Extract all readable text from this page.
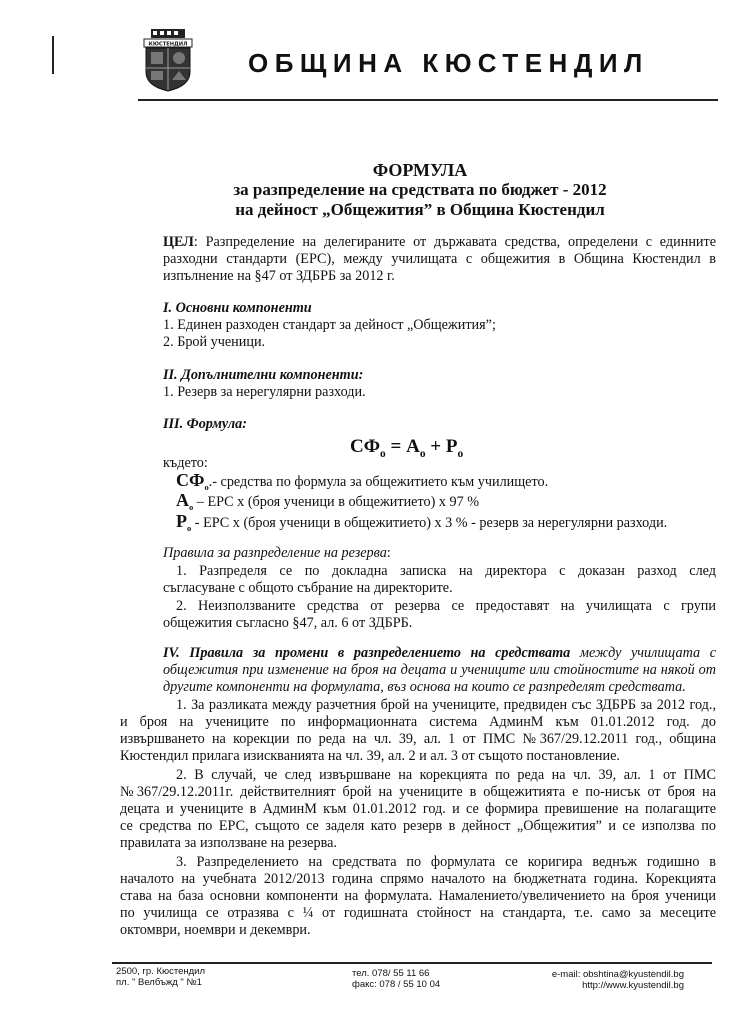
КЮСТЕНДИЛ
ОБЩИНА КЮСТЕНДИЛ
ФОРМУЛА
за разпределение на средствата по бюджет - 2012
на дейност „Общежития” в Община Кюстендил
ЦЕЛ: Разпределение на делегираните от държавата средства, определени с единните
разходни стандарти (ЕРС), между училищата с общежития в Община Кюстендил в
изпълнение на §47 от ЗДБРБ за 2012 г.
I. Основни компоненти
1. Единен разходен стандарт за дейност „Общежития”;
2. Брой ученици.
II. Допълнителни компоненти:
1. Резерв за нерегулярни разходи.
III. Формула:
$СФ_о = А_о + Р_о$
където:
$СФ_о.-$ средства по формула за общежитието към училището.
$А_о$ – ЕРС х (броя ученици в общежитието) х 97 %
$Р_о$ - ЕРС х (броя ученици в общежитието) х 3 % - резерв за нерегулярни разходи.
Правила за разпределение на резерва:
1. Разпределя се по докладна записка на директора с доказан разход след
съгласуване с общото събрание на директорите.
2. Неизползваните средства от резерва се предоставят на училищата с групи
общежития съгласно §47, ал. 6 от ЗДБРБ.
IV. Правила за промени в разпределението на средствата между училищата с
общежития при изменение на броя на децата и учениците или стойностите на някой от
другите компоненти на формулата, въз основа на които се разпределят средствата.
1. За разликата между разчетния брой на учениците, предвиден със ЗДБРБ за 2012 год.,
и броя на учениците по информационната система АдминМ към 01.01.2012 год. до
извършването на корекции по реда на чл. 39, ал. 1 от ПМС №367/29.12.2011 год., община
Кюстендил прилага изискванията на чл. 39, ал. 2 и ал. 3 от същото постановление.
2. В случай, че след извършване на корекцията по реда на чл. 39, ал. 1 от ПМС
№367/29.12.2011г. действителният брой на учениците в общежитията е по-нисък от броя на
децата и учениците в АдминМ към 01.01.2012 год. и се формира превишение на полагащите
се средства по ЕРС, същото се заделя като резерв в дейност „Общежития” и се използва по
правилата за използване на резерва.
3. Разпределението на средствата по формулата се коригира веднъж годишно в
началото на учебната 2012/2013 година спрямо началото на бюджетната година. Корекцията
става на база основни компоненти на формулата. Намалението/увеличението на броя ученици
по училища се отразява с ¼ от годишната стойност на стандарта, т.е. само за месеците
октомври, ноември и декември.
2500, гр. Кюстендил
пл. " Велбъжд " №1
тел. 078/ 55 11 66
факс: 078 / 55 10 04
e-mail: obshtina@kyustendil.bg
http://www.kyustendil.bg
